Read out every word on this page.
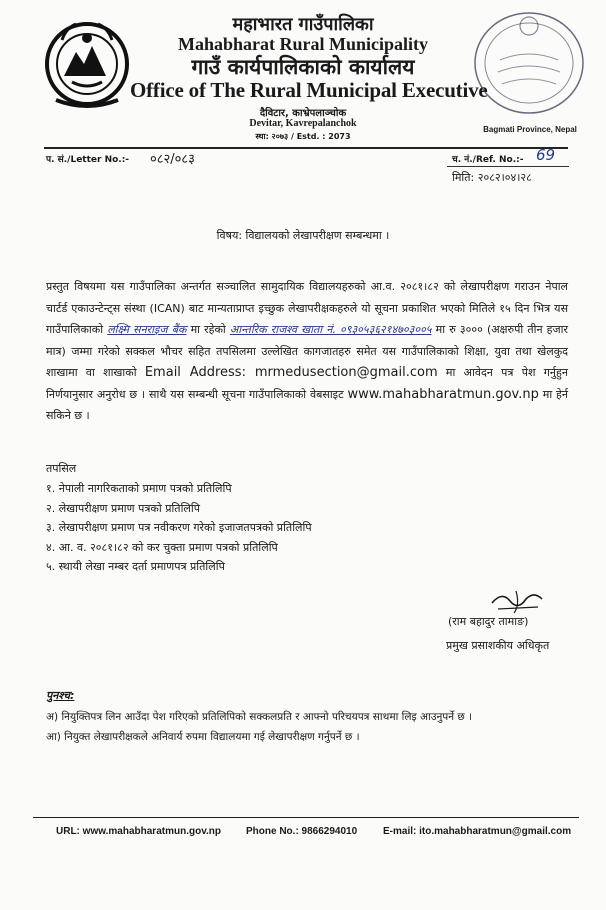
महाभारत गाउँपालिका
Mahabharat Rural Municipality
गाउँ कार्यपालिकाको कार्यालय
Office of The Rural Municipal Executive
दैविटार, काभ्रेपलाञ्चोक
Devitar, Kavrepalanchok
स्था: २०७३ / Estd. : 2073
Bagmati Province, Nepal
प. सं./Letter No.:- ०८२/०८३	च. नं./Ref. No.:- 69
मिति: २०८२।०४।२८
विषय: विद्यालयको लेखापरीक्षण सम्बन्धमा ।
प्रस्तुत विषयमा यस गाउँपालिका अन्तर्गत सञ्चालित सामुदायिक विद्यालयहरुको आ.व. २०८१।८२ को लेखापरीक्षण गराउन नेपाल चार्टर्ड एकाउन्टेन्ट्स संस्था (ICAN) बाट मान्यताप्राप्त इच्छुक लेखापरीक्षकहरुले यो सूचना प्रकाशित भएको मितिले १५ दिन भित्र यस गाउँपालिकाको लक्ष्मि सनराइज बैंक मा रहेको आन्तरिक राजश्व खाता नं. ०९३०५३६२१४७०३००५ मा रु ३००० (अक्षरुपी तीन हजार मात्र) जम्मा गरेको सक्कल भौचर सहित तपसिलमा उल्लेखित कागजातहरु समेत यस गाउँपालिकाको शिक्षा, युवा तथा खेलकुद शाखामा वा शाखाको Email Address: mrmedusection@gmail.com मा आवेदन पत्र पेश गर्नुहुन निर्णयानुसार अनुरोध छ । साथै यस सम्बन्धी सूचना गाउँपालिकाको वेबसाइट www.mahabharatmun.gov.np मा हेर्न सकिने छ ।
तपसिल
१. नेपाली नागरिकताको प्रमाण पत्रको प्रतिलिपि
२. लेखापरीक्षण प्रमाण पत्रको प्रतिलिपि
३. लेखापरीक्षण प्रमाण पत्र नवीकरण गरेको इजाजतपत्रको प्रतिलिपि
४. आ. व. २०८१।८२ को कर चुक्ता प्रमाण पत्रको प्रतिलिपि
५. स्थायी लेखा नम्बर दर्ता प्रमाणपत्र प्रतिलिपि
(राम बहादुर तामाङ)
प्रमुख प्रसाशकीय अधिकृत
पुनश्च:
अ) नियुक्तिपत्र लिन आउँदा पेश गरिएको प्रतिलिपिको सक्कलप्रति र आफ्नो परिचयपत्र साथमा लिइ आउनुपर्ने छ ।
आ) नियुक्त लेखापरीक्षकले अनिवार्य रुपमा विद्यालयमा गई लेखापरीक्षण गर्नुपर्ने छ ।
URL: www.mahabharatmun.gov.np Phone No.: 9866294010	E-mail: ito.mahabharatmun@gmail.com
